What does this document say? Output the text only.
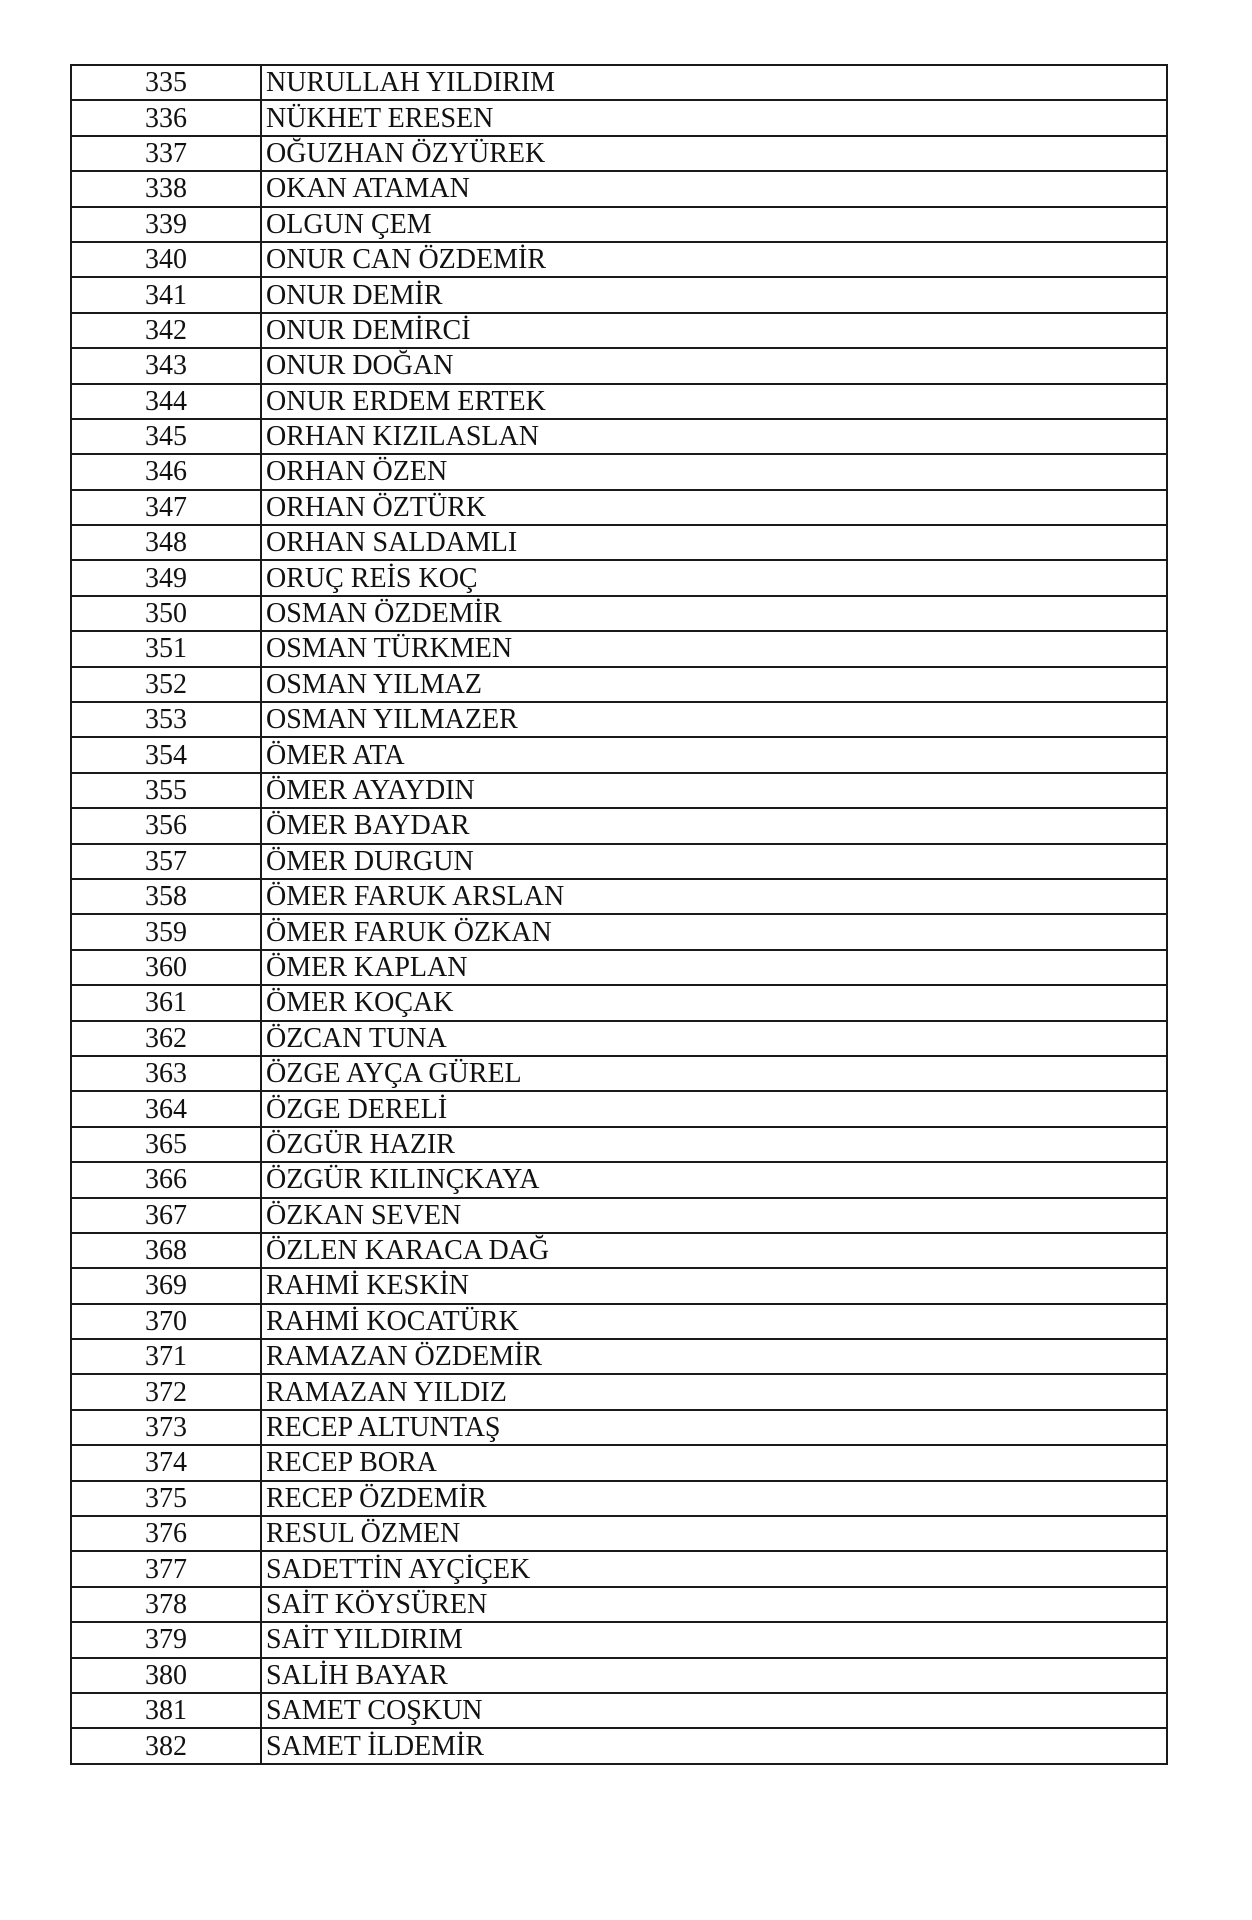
335	NURULLAH YILDIRIM
336	NÜKHET ERESEN
337	OĞUZHAN ÖZYÜREK
338	OKAN ATAMAN
339	OLGUN ÇEM
340	ONUR CAN ÖZDEMİR
341	ONUR DEMİR
342	ONUR DEMİRCİ
343	ONUR DOĞAN
344	ONUR ERDEM ERTEK
345	ORHAN KIZILASLAN
346	ORHAN ÖZEN
347	ORHAN ÖZTÜRK
348	ORHAN SALDAMLI
349	ORUÇ REİS KOÇ
350	OSMAN ÖZDEMİR
351	OSMAN TÜRKMEN
352	OSMAN YILMAZ
353	OSMAN YILMAZER
354	ÖMER ATA
355	ÖMER AYAYDIN
356	ÖMER BAYDAR
357	ÖMER DURGUN
358	ÖMER FARUK ARSLAN
359	ÖMER FARUK ÖZKAN
360	ÖMER KAPLAN
361	ÖMER KOÇAK
362	ÖZCAN TUNA
363	ÖZGE AYÇA GÜREL
364	ÖZGE DERELİ
365	ÖZGÜR HAZIR
366	ÖZGÜR KILINÇKAYA
367	ÖZKAN SEVEN
368	ÖZLEN KARACA DAĞ
369	RAHMİ KESKİN
370	RAHMİ KOCATÜRK
371	RAMAZAN ÖZDEMİR
372	RAMAZAN YILDIZ
373	RECEP ALTUNTAŞ
374	RECEP BORA
375	RECEP ÖZDEMİR
376	RESUL ÖZMEN
377	SADETTİN AYÇİÇEK
378	SAİT KÖYSÜREN
379	SAİT YILDIRIM
380	SALİH BAYAR
381	SAMET COŞKUN
382	SAMET İLDEMİR
